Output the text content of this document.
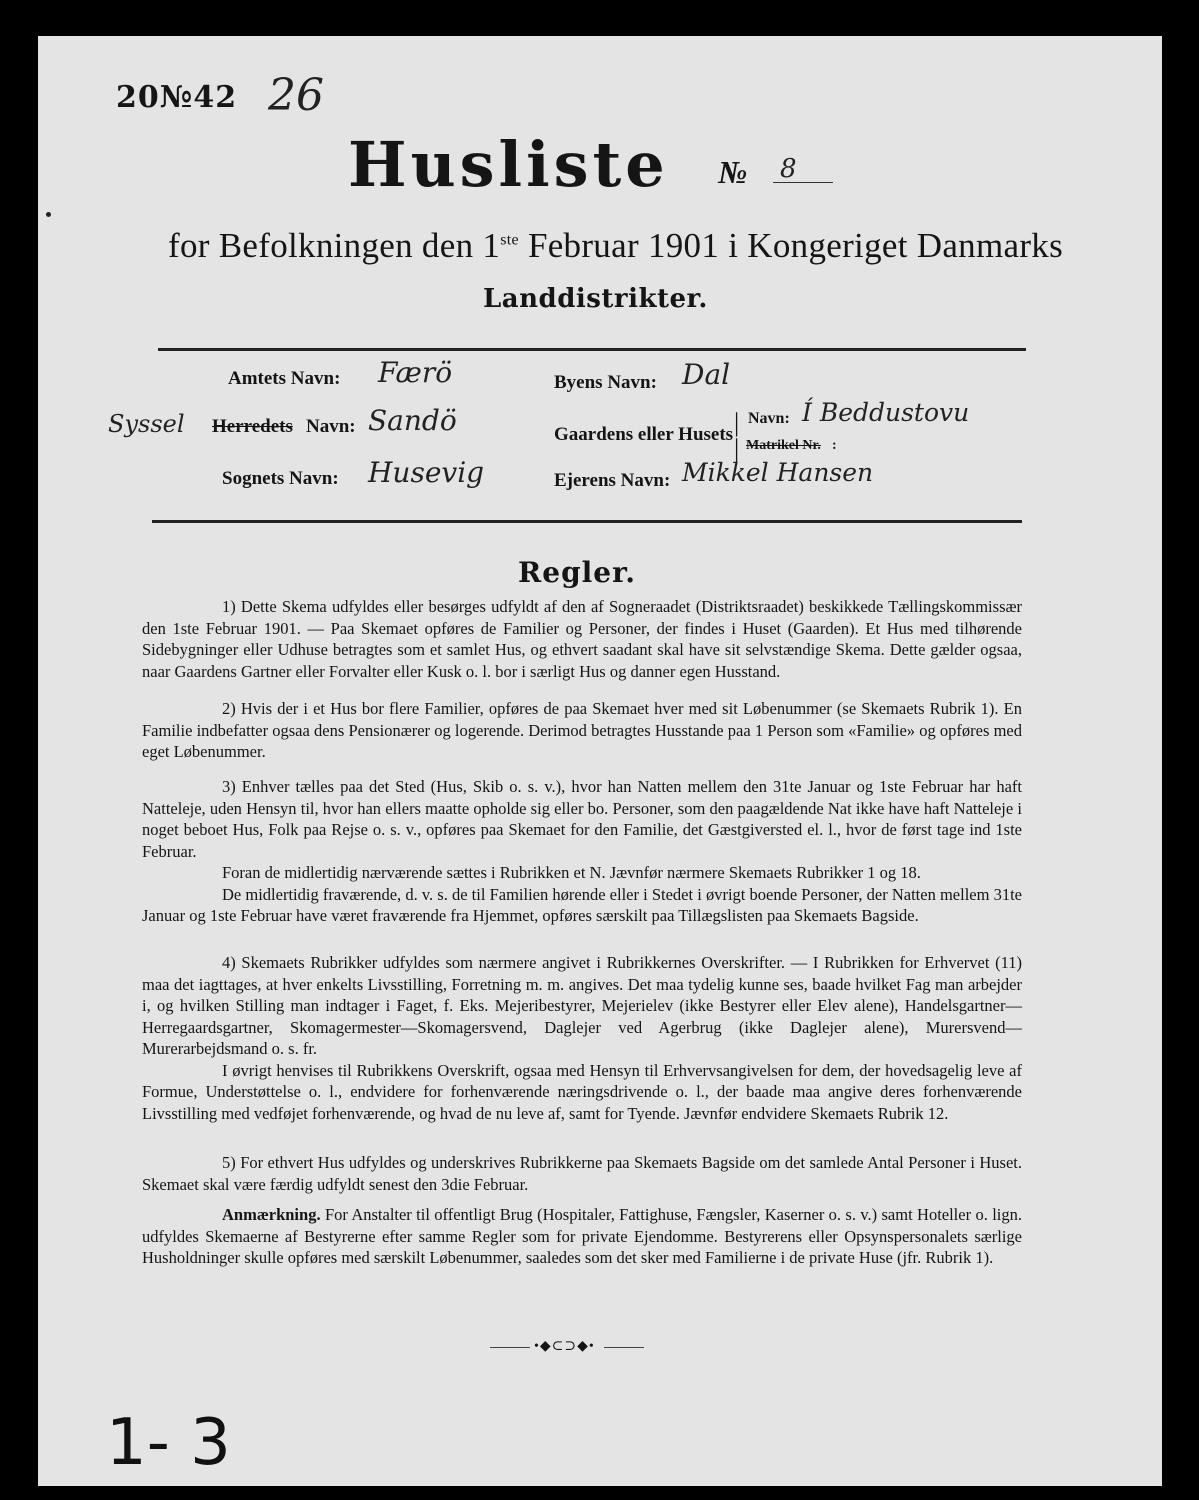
20№42 26
Husliste № 8
for Befolkningen den 1ste Februar 1901 i Kongeriget Danmarks
Landdistrikter.
Amtets Navn: Færö
Syssel Herredets Navn: Sandö
Sognets Navn: Husevig
Byens Navn: Dal
Gaardens eller Husets |
|
Navn: Í Beddustovu
Matrikel Nr. :
Ejerens Navn: Mikkel Hansen
Regler.

1) Dette Skema udfyldes eller besørges udfyldt af den af Sogneraadet (Distriktsraadet) beskikkede Tællingskommissær den 1ste Februar 1901. — Paa Skemaet opføres de Familier og Personer, der findes i Huset (Gaarden). Et Hus med tilhørende Sidebygninger eller Udhuse betragtes som et samlet Hus, og ethvert saadant skal have sit selvstændige Skema. Dette gælder ogsaa, naar Gaardens Gartner eller Forvalter eller Kusk o. l. bor i særligt Hus og danner egen Husstand.

2) Hvis der i et Hus bor flere Familier, opføres de paa Skemaet hver med sit Løbenummer (se Skemaets Rubrik 1). En Familie indbefatter ogsaa dens Pensionærer og logerende. Derimod betragtes Husstande paa 1 Person som «Familie» og opføres med eget Løbenummer.

3) Enhver tælles paa det Sted (Hus, Skib o. s. v.), hvor han Natten mellem den 31te Januar og 1ste Februar har haft Natteleje, uden Hensyn til, hvor han ellers maatte opholde sig eller bo. Personer, som den paagældende Nat ikke have haft Natteleje i noget beboet Hus, Folk paa Rejse o. s. v., opføres paa Skemaet for den Familie, det Gæstgiversted el. l., hvor de først tage ind 1ste Februar.

Foran de midlertidig nærværende sættes i Rubrikken et N. Jævnfør nærmere Skemaets Rubrikker 1 og 18.

De midlertidig fraværende, d. v. s. de til Familien hørende eller i Stedet i øvrigt boende Personer, der Natten mellem 31te Januar og 1ste Februar have været fraværende fra Hjemmet, opføres særskilt paa Tillægslisten paa Skemaets Bagside.

4) Skemaets Rubrikker udfyldes som nærmere angivet i Rubrikkernes Overskrifter. — I Rubrikken for Erhvervet (11) maa det iagttages, at hver enkelts Livsstilling, Forretning m. m. angives. Det maa tydelig kunne ses, baade hvilket Fag man arbejder i, og hvilken Stilling man indtager i Faget, f. Eks. Mejeribestyrer, Mejerielev (ikke Bestyrer eller Elev alene), Handelsgartner—Herregaardsgartner, Skomagermester—Skomagersvend, Daglejer ved Agerbrug (ikke Daglejer alene), Murersvend—Murerarbejdsmand o. s. fr.

I øvrigt henvises til Rubrikkens Overskrift, ogsaa med Hensyn til Erhvervsangivelsen for dem, der hovedsagelig leve af Formue, Understøttelse o. l., endvidere for forhenværende næringsdrivende o. l., der baade maa angive deres forhenværende Livsstilling med vedføjet forhenværende, og hvad de nu leve af, samt for Tyende. Jævnfør endvidere Skemaets Rubrik 12.

5) For ethvert Hus udfyldes og underskrives Rubrikkerne paa Skemaets Bagside om det samlede Antal Personer i Huset. Skemaet skal være færdig udfyldt senest den 3die Februar.

Anmærkning. For Anstalter til offentligt Brug (Hospitaler, Fattighuse, Fængsler, Kaserner o. s. v.) samt Hoteller o. lign. udfyldes Skemaerne af Bestyrerne efter samme Regler som for private Ejendomme. Bestyrerens eller Opsynspersonalets særlige Husholdninger skulle opføres med særskilt Løbenummer, saaledes som det sker med Familierne i de private Huse (jfr. Rubrik 1).

•◆⊂⊃◆•
1- 3
